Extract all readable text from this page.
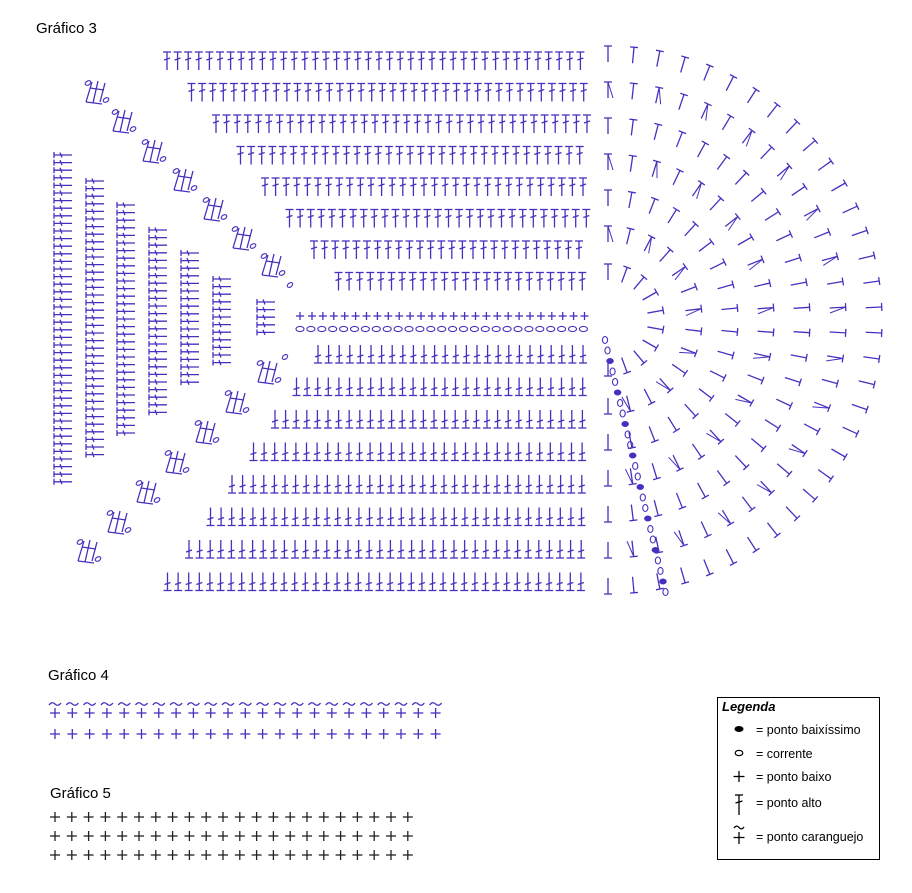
Gráfico 3
Gráfico 4
Gráfico 5
Legenda
= ponto baixíssimo
= corrente
= ponto baixo
= ponto alto
= ponto caranguejo
